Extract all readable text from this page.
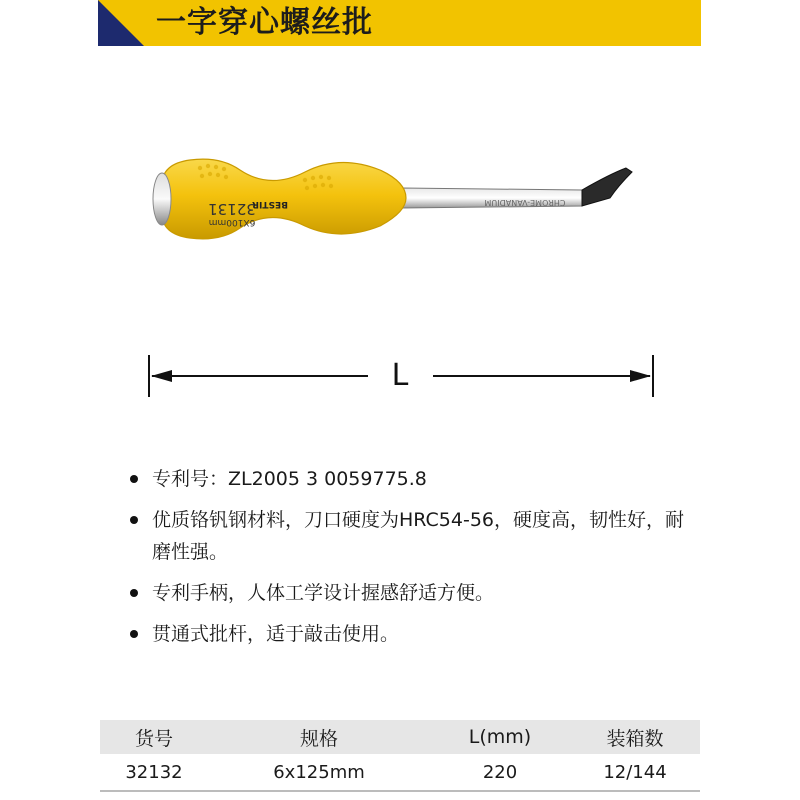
一字穿心螺丝批
32131
6X100mm
BESTIR	CHROME-VANADIUM
L
专利号：ZL2005 3 0059775.8
优质铬钒钢材料，刀口硬度为HRC54-56，硬度高，韧性好，耐磨性强。
专利手柄，人体工学设计握感舒适方便。
贯通式批杆，适于敲击使用。
货号	规格	L(mm)	装箱数
32132	6x125mm	220	12/144
